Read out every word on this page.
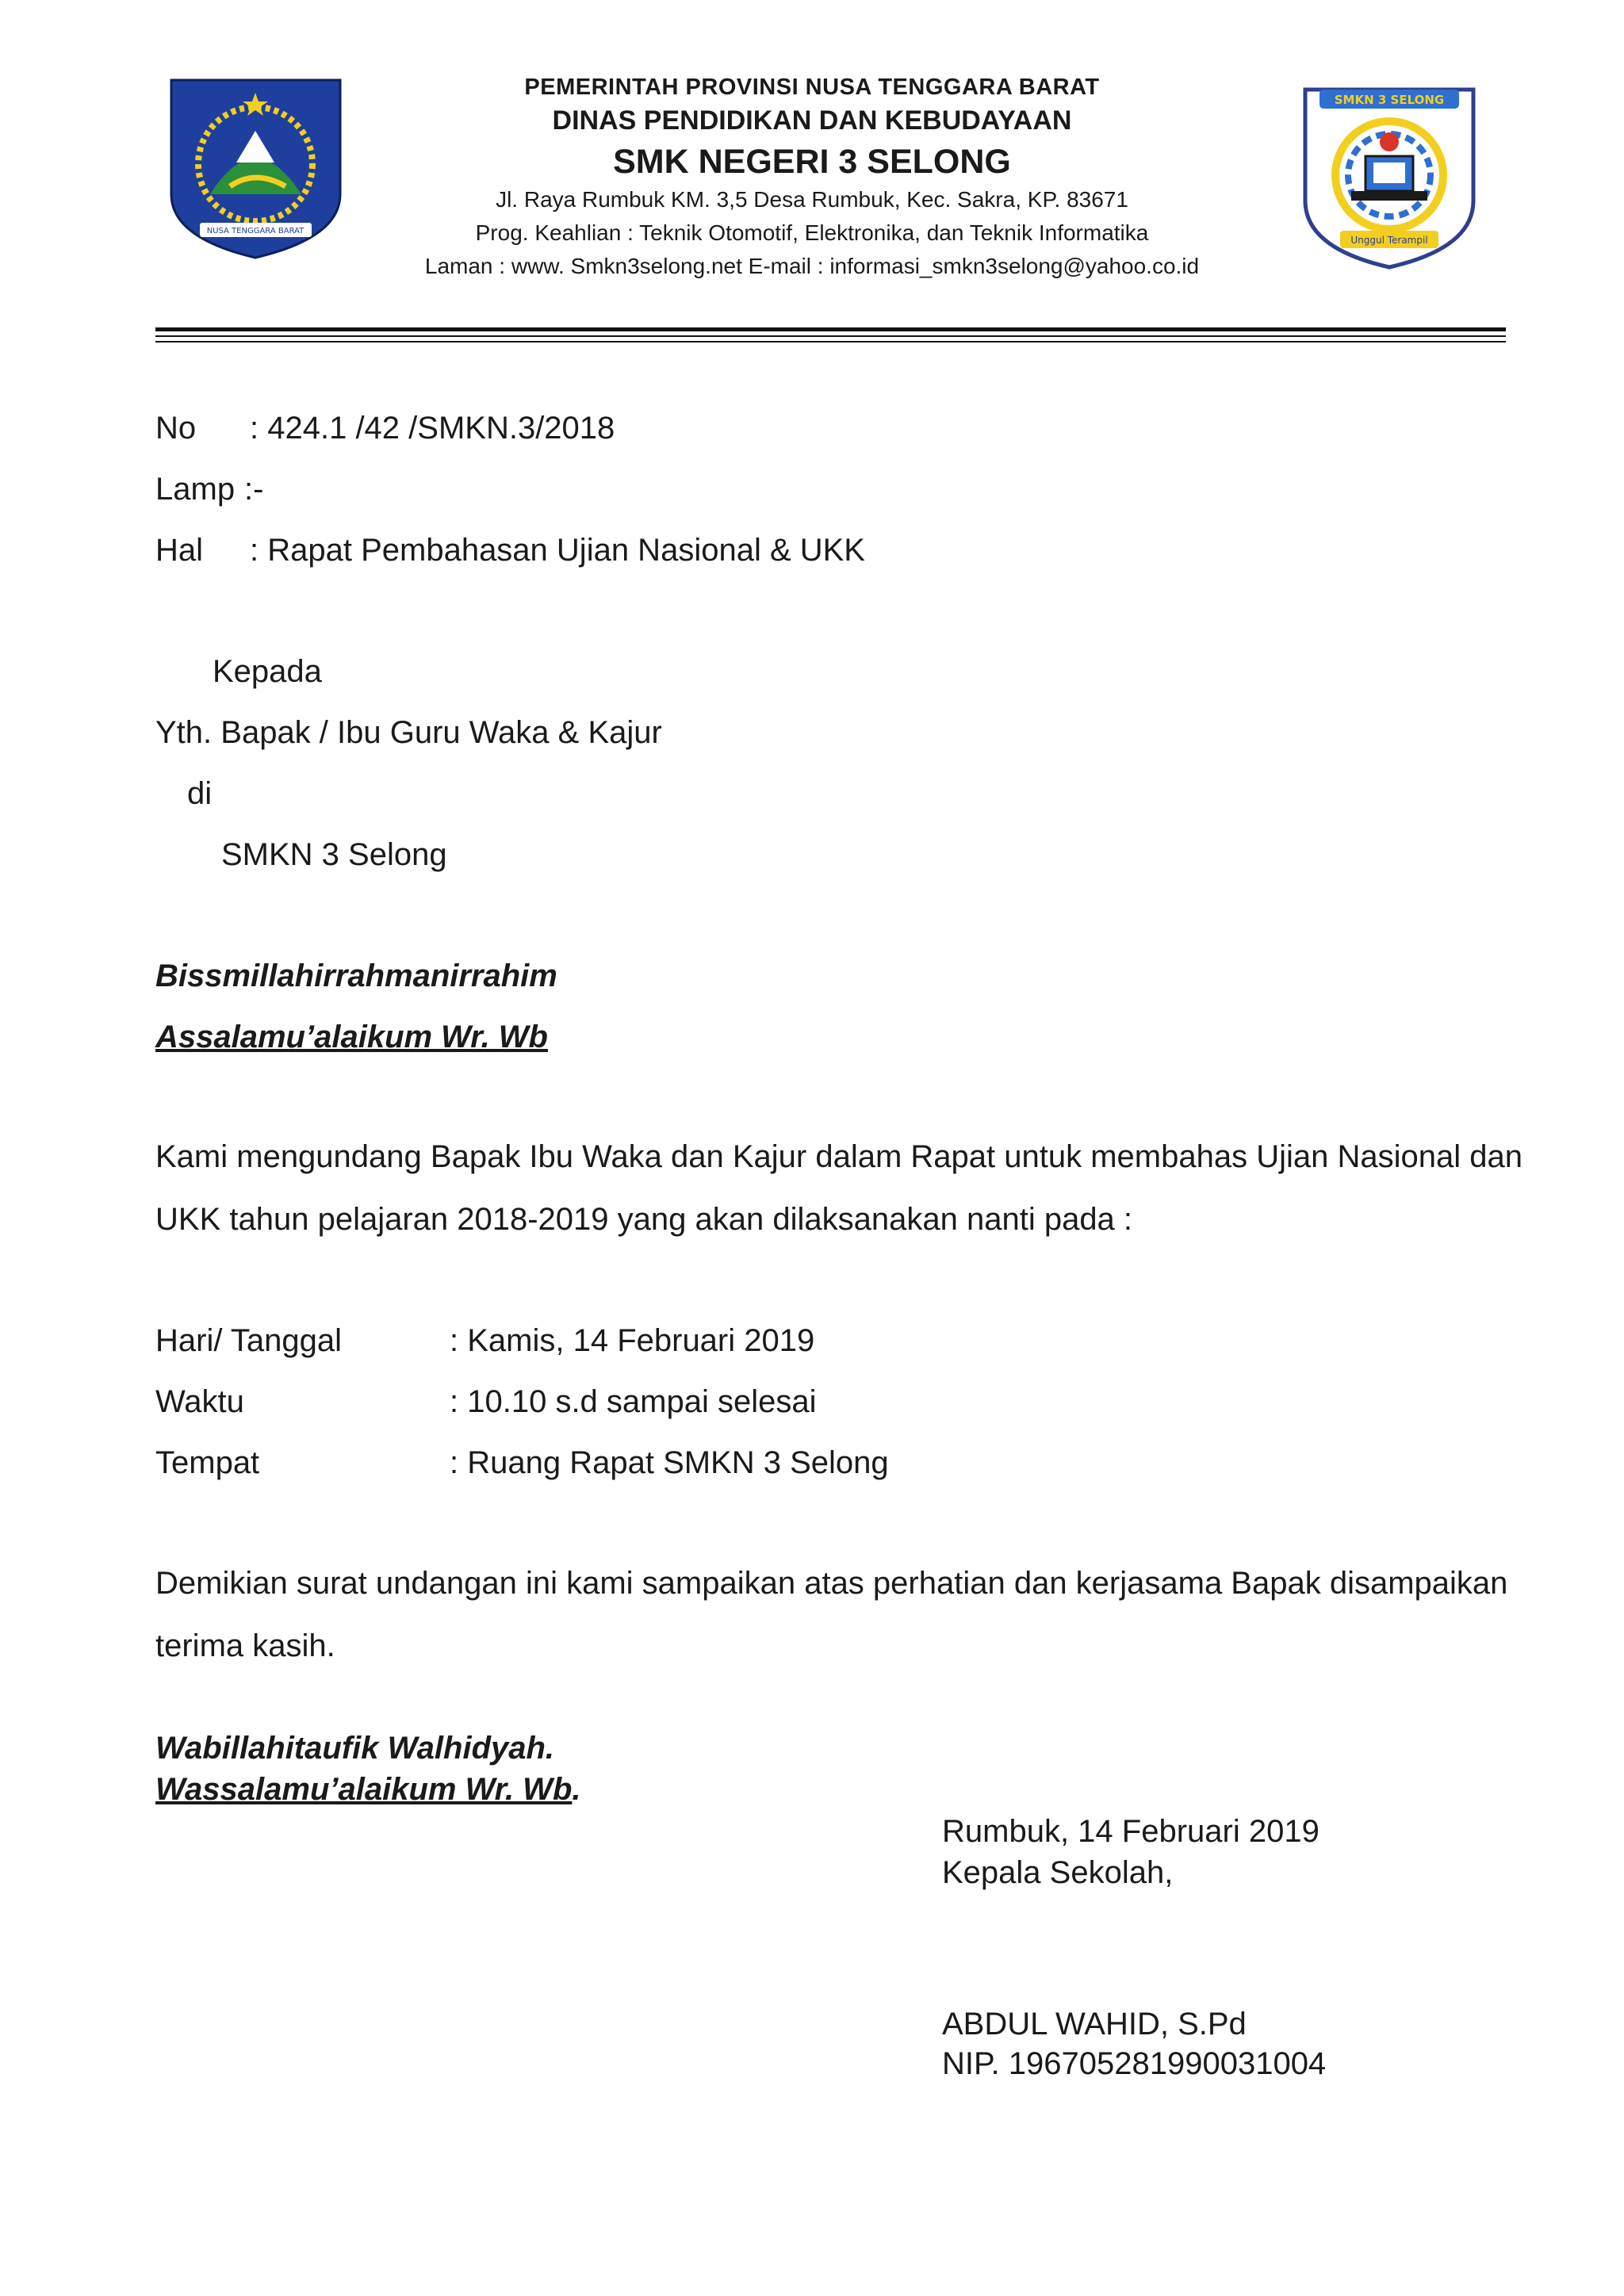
NUSA TENGGARA BARAT
SMKN 3 SELONG
Unggul Terampil
PEMERINTAH PROVINSI NUSA TENGGARA BARAT
DINAS PENDIDIKAN DAN KEBUDAYAAN
SMK NEGERI 3 SELONG
Jl. Raya Rumbuk KM. 3,5 Desa Rumbuk, Kec. Sakra, KP. 83671
Prog. Keahlian : Teknik Otomotif, Elektronika, dan Teknik Informatika
Laman : www. Smkn3selong.net E-mail : informasi_smkn3selong@yahoo.co.id
No : 424.1 /42 /SMKN.3/2018
Lamp :-
Hal : Rapat Pembahasan Ujian Nasional & UKK
Kepada
Yth. Bapak / Ibu Guru Waka & Kajur
di
SMKN 3 Selong
Bissmillahirrahmanirrahim
Assalamu’alaikum Wr. Wb
Kami mengundang Bapak Ibu Waka dan Kajur dalam Rapat untuk membahas Ujian Nasional dan
UKK tahun pelajaran 2018-2019 yang akan dilaksanakan nanti pada :
Hari/ Tanggal	: Kamis, 14 Februari 2019
Waktu	: 10.10 s.d sampai selesai
Tempat	: Ruang Rapat SMKN 3 Selong
Demikian surat undangan ini kami sampaikan atas perhatian dan kerjasama Bapak disampaikan
terima kasih.
Wabillahitaufik Walhidyah.
Wassalamu’alaikum Wr. Wb.
Rumbuk, 14 Februari 2019
Kepala Sekolah,
ABDUL WAHID, S.Pd
NIP. 196705281990031004
